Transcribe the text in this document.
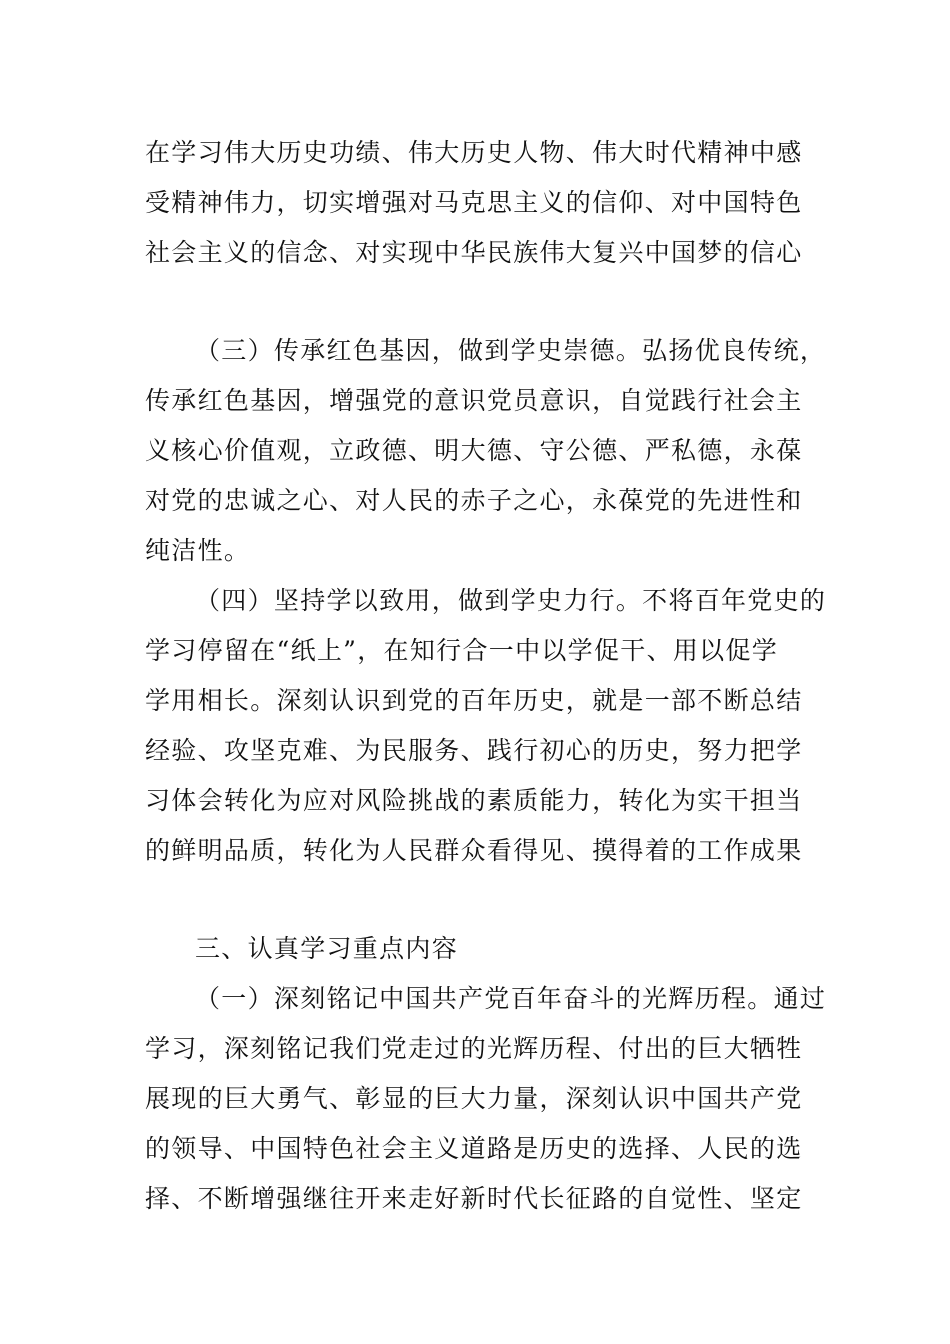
在学习伟大历史功绩、伟大历史人物、伟大时代精神中感
受精神伟力，切实增强对马克思主义的信仰、对中国特色
社会主义的信念、对实现中华民族伟大复兴中国梦的信心
（三）传承红色基因，做到学史崇德。弘扬优良传统，
传承红色基因，增强党的意识党员意识，自觉践行社会主
义核心价值观，立政德、明大德、守公德、严私德，永葆
对党的忠诚之心、对人民的赤子之心，永葆党的先进性和
纯洁性。
（四）坚持学以致用，做到学史力行。不将百年党史的
学习停留在“纸上”，在知行合一中以学促干、用以促学
学用相长。深刻认识到党的百年历史，就是一部不断总结
经验、攻坚克难、为民服务、践行初心的历史，努力把学
习体会转化为应对风险挑战的素质能力，转化为实干担当
的鲜明品质，转化为人民群众看得见、摸得着的工作成果
三、认真学习重点内容
（一）深刻铭记中国共产党百年奋斗的光辉历程。通过
学习，深刻铭记我们党走过的光辉历程、付出的巨大牺牲
展现的巨大勇气、彰显的巨大力量，深刻认识中国共产党
的领导、中国特色社会主义道路是历史的选择、人民的选
择、不断增强继往开来走好新时代长征路的自觉性、坚定
